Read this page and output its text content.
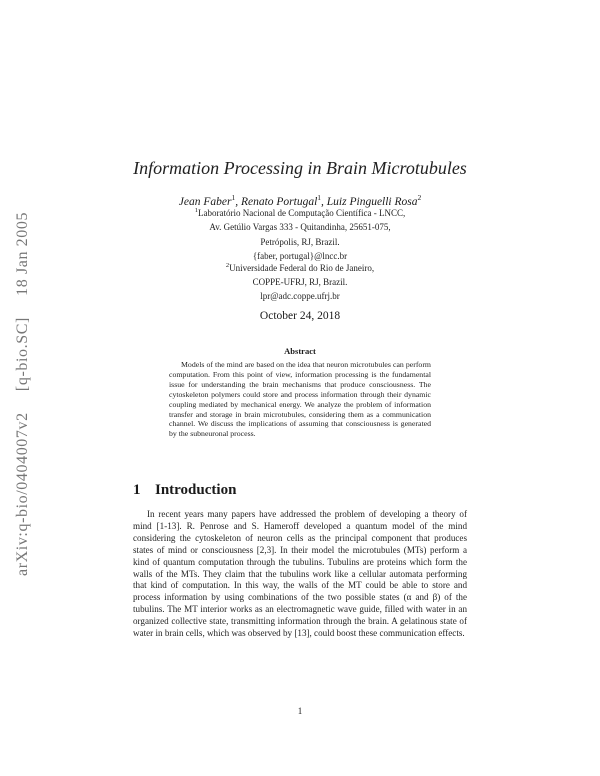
arXiv:q-bio/0404007v2  [q-bio.SC]  18 Jan 2005
Information Processing in Brain Microtubules
Jean Faber$^1$, Renato Portugal$^1$, Luiz Pinguelli Rosa$^2$
$^1$Laboratório Nacional de Computação Científica - LNCC,
Av. Getúlio Vargas 333 - Quitandinha, 25651-075,
Petrópolis, RJ, Brazil.
{faber, portugal}@lncc.br
$^2$Universidade Federal do Rio de Janeiro,
COPPE-UFRJ, RJ, Brazil.
lpr@adc.coppe.ufrj.br
October 24, 2018
Abstract
Models of the mind are based on the idea that neuron microtubules can perform computation. From this point of view, information processing is the fundamental issue for understanding the brain mechanisms that produce consciousness. The cytoskeleton polymers could store and process information through their dynamic coupling mediated by mechanical energy. We analyze the problem of information transfer and storage in brain microtubules, considering them as a communication channel. We discuss the implications of assuming that consciousness is generated by the subneuronal process.
1 Introduction
In recent years many papers have addressed the problem of developing a theory of mind [1-13]. R. Penrose and S. Hameroff developed a quantum model of the mind considering the cytoskeleton of neuron cells as the principal component that produces states of mind or consciousness [2,3]. In their model the microtubules (MTs) perform a kind of quantum computation through the tubulins. Tubulins are proteins which form the walls of the MTs. They claim that the tubulins work like a cellular automata performing that kind of computation. In this way, the walls of the MT could be able to store and process information by using combinations of the two possible states (α and β) of the tubulins. The MT interior works as an electromagnetic wave guide, filled with water in an organized collective state, transmitting information through the brain. A gelatinous state of water in brain cells, which was observed by [13], could boost these communication effects.
1
